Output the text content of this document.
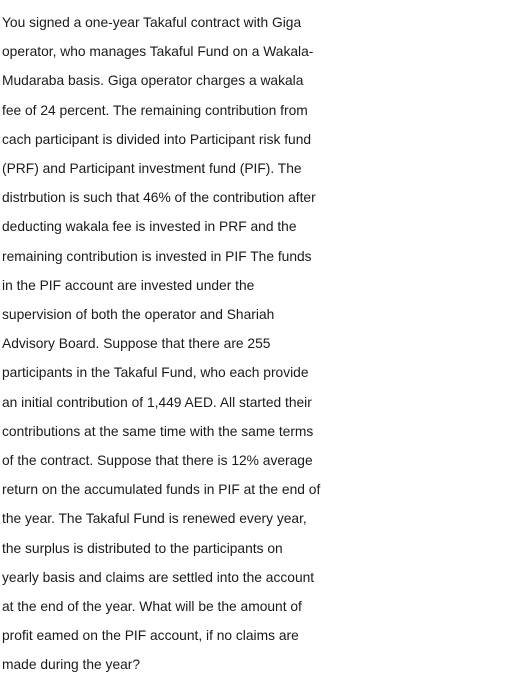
You signed a one-year Takaful contract with Giga
operator, who manages Takaful Fund on a Wakala-
Mudaraba basis. Giga operator charges a wakala
fee of 24 percent. The remaining contribution from
cach participant is divided into Participant risk fund
(PRF) and Participant investment fund (PIF). The
distrbution is such that 46% of the contribution after
deducting wakala fee is invested in PRF and the
remaining contribution is invested in PIF The funds
in the PIF account are invested under the
supervision of both the operator and Shariah
Advisory Board. Suppose that there are 255
participants in the Takaful Fund, who each provide
an initial contribution of 1,449 AED. All started their
contributions at the same time with the same terms
of the contract. Suppose that there is 12% average
return on the accumulated funds in PIF at the end of
the year. The Takaful Fund is renewed every year,
the surplus is distributed to the participants on
yearly basis and claims are settled into the account
at the end of the year. What will be the amount of
profit eamed on the PIF account, if no claims are
made during the year?
